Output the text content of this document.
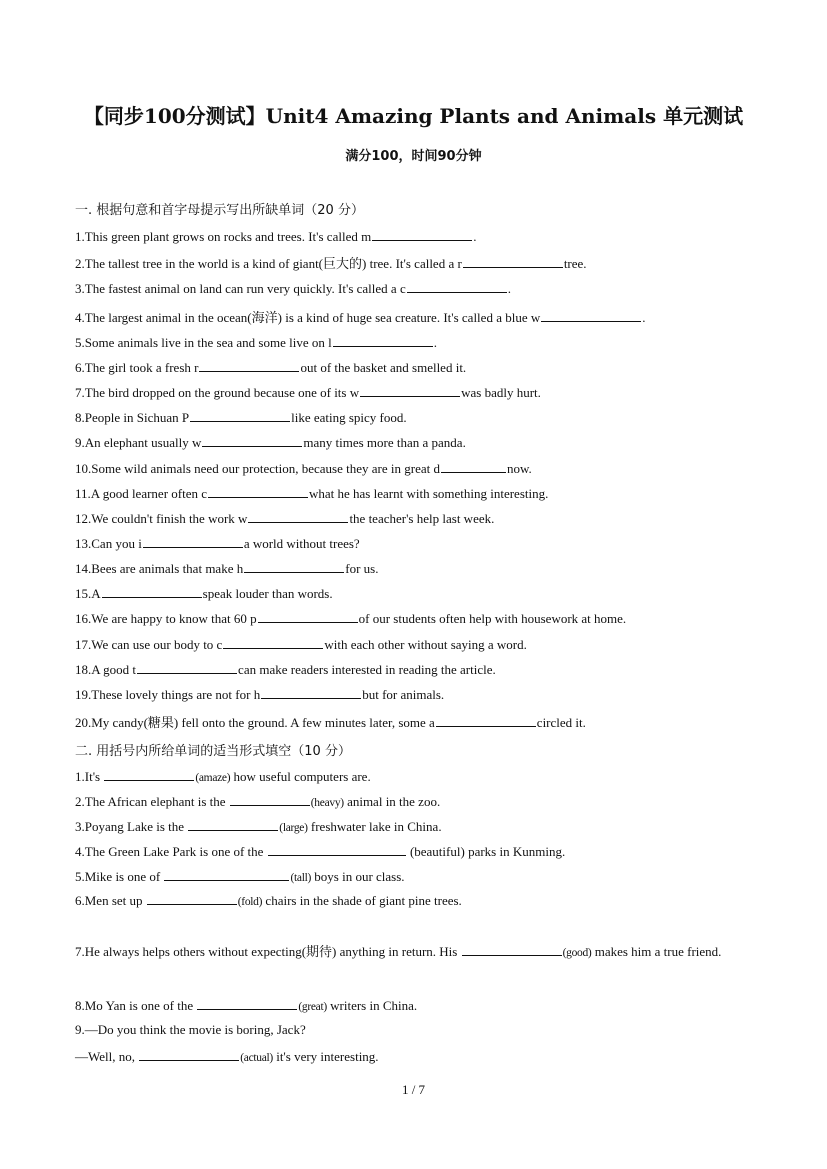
【同步100分测试】Unit4 Amazing Plants and Animals 单元测试
满分100，时间90分钟
一. 根据句意和首字母提示写出所缺单词（20 分）
1.This green plant grows on rocks and trees. It's called m	.
2.The tallest tree in the world is a kind of giant(巨大的) tree. It's called a r	tree.
3.The fastest animal on land can run very quickly. It's called a c	.
4.The largest animal in the ocean(海洋) is a kind of huge sea creature. It's called a blue w	.
5.Some animals live in the sea and some live on l	.
6.The girl took a fresh r	out of the basket and smelled it.
7.The bird dropped on the ground because one of its w	was badly hurt.
8.People in Sichuan P	like eating spicy food.
9.An elephant usually w	many times more than a panda.
10.Some wild animals need our protection, because they are in great d	now.
11.A good learner often c	what he has learnt with something interesting.
12.We couldn't finish the work w	the teacher's help last week.
13.Can you i	a world without trees?
14.Bees are animals that make h	for us.
15.A	speak louder than words.
16.We are happy to know that 60 p	of our students often help with housework at home.
17.We can use our body to c	with each other without saying a word.
18.A good t	can make readers interested in reading the article.
19.These lovely things are not for h	but for animals.
20.My candy(糖果) fell onto the ground. A few minutes later, some a	circled it.
二. 用括号内所给单词的适当形式填空（10 分）
1.It's	(amaze) how useful computers are.
2.The African elephant is the	(heavy) animal in the zoo.
3.Poyang Lake is the	(large) freshwater lake in China.
4.The Green Lake Park is one of the	(beautiful) parks in Kunming.
5.Mike is one of	(tall) boys in our class.
6.Men set up	(fold) chairs in the shade of giant pine trees.
7.He always helps others without expecting(期待) anything in return. His	(good) makes him a true friend.
8.Mo Yan is one of the	(great) writers in China.
9.—Do you think the movie is boring, Jack?
—Well, no,	(actual) it's very interesting.
1 / 7
